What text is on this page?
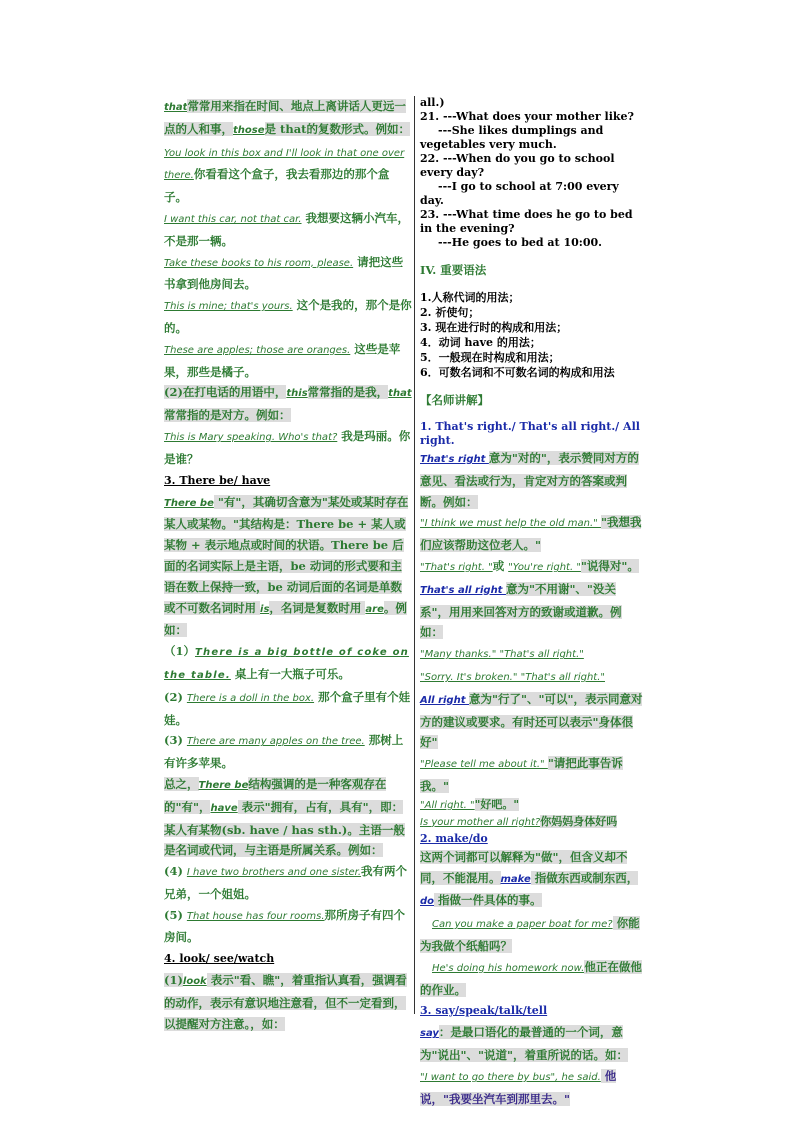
that常常用来指在时间、地点上离讲话人更远一点的人和事，those是 that的复数形式。例如：

You look in this box and I'll look in that one over there.你看看这个盒子，我去看那边的那个盒子。

I want this car, not that car. 我想要这辆小汽车，不是那一辆。

Take these books to his room, please. 请把这些书拿到他房间去。

This is mine; that's yours. 这个是我的，那个是你的。

These are apples; those are oranges. 这些是苹果，那些是橘子。

(2)在打电话的用语中，this常常指的是我，that常常指的是对方。例如：

This is Mary speaking. Who's that? 我是玛丽。你是谁？

3. There be/ have

There be "有"，其确切含意为"某处或某时存在某人或某物。"其结构是：There be + 某人或某物 + 表示地点或时间的状语。There be 后面的名词实际上是主语，be 动词的形式要和主语在数上保持一致，be 动词后面的名词是单数或不可数名词时用 is，名词是复数时用 are。例如：

（1）There is a big bottle of coke on the table. 桌上有一大瓶子可乐。

(2) There is a doll in the box. 那个盒子里有个娃娃。

(3) There are many apples on the tree. 那树上有许多苹果。

总之，There be结构强调的是一种客观存在的"有"，have 表示"拥有，占有，具有"，即：某人有某物(sb. have / has sth.)。主语一般是名词或代词，与主语是所属关系。例如：

(4) I have two brothers and one sister.我有两个兄弟，一个姐姐。

(5) That house has four rooms.那所房子有四个房间。

4. look/ see/watch

(1)look 表示"看、瞧"，着重指认真看，强调看的动作，表示有意识地注意看，但不一定看到，以提醒对方注意。，如：

all.)

21. ---What does your mother like?

---She likes dumplings and vegetables very much.

22. ---When do you go to school every day?

---I go to school at 7:00 every day.

23. ---What time does he go to bed in the evening?

---He goes to bed at 10:00.

IV. 重要语法

1.人称代词的用法；

2. 祈使句；

3. 现在进行时的构成和用法；

4．动词 have 的用法；

5．一般现在时构成和用法；

6．可数名词和不可数名词的构成和用法

【名师讲解】

1. That's right./ That's all right./ All right.

That's right 意为"对的"，表示赞同对方的意见、看法或行为，肯定对方的答案或判断。例如：

"I think we must help the old man." "我想我们应该帮助这位老人。"

"That's right. "或 "You're right. ""说得对"。

That's all right 意为"不用谢"、"没关系"，用用来回答对方的致谢或道歉。例如：

"Many thanks." "That's all right."

"Sorry. It's broken." "That's all right."

All right 意为"行了"、"可以"，表示同意对方的建议或要求。有时还可以表示"身体很好"

"Please tell me about it." "请把此事告诉我。"

"All right. ""好吧。"

Is your mother all right?你妈妈身体好吗

2. make/do

这两个词都可以解释为"做"，但含义却不同，不能混用。make 指做东西或制东西，do 指做一件具体的事。

Can you make a paper boat for me? 你能为我做个纸船吗？

He's doing his homework now.他正在做他的作业。

3. say/speak/talk/tell

say：是最口语化的最普通的一个词，意为"说出"、"说道"，着重所说的话。如：

"I want to go there by bus", he said. 他说，"我要坐汽车到那里去。"
